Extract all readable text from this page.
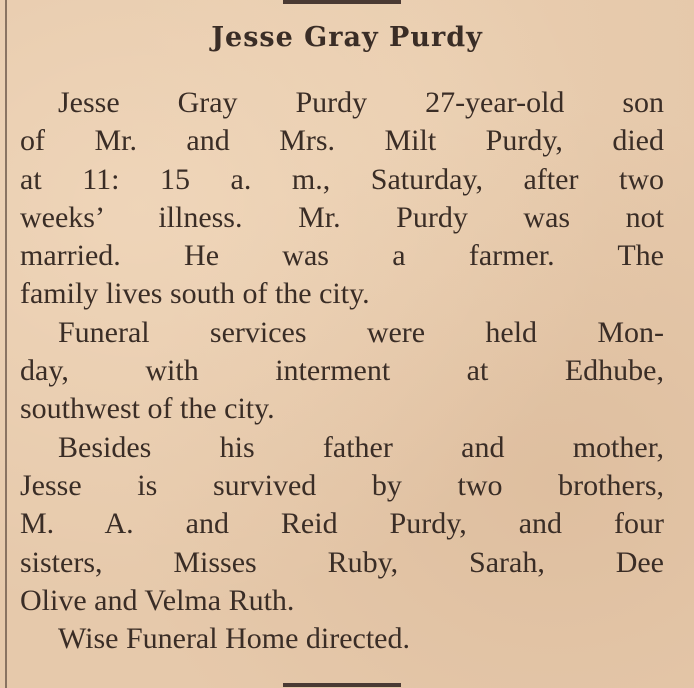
Jesse Gray Purdy
Jesse Gray Purdy 27-year-old son
of Mr. and Mrs. Milt Purdy, died
at 11: 15 a. m., Saturday, after two
weeks’ illness. Mr. Purdy was not
married. He was a farmer. The
family lives south of the city.
Funeral services were held Mon-
day, with interment at Edhube,
southwest of the city.
Besides his father and mother,
Jesse is survived by two brothers,
M. A. and Reid Purdy, and four
sisters, Misses Ruby, Sarah, Dee
Olive and Velma Ruth.
Wise Funeral Home directed.
